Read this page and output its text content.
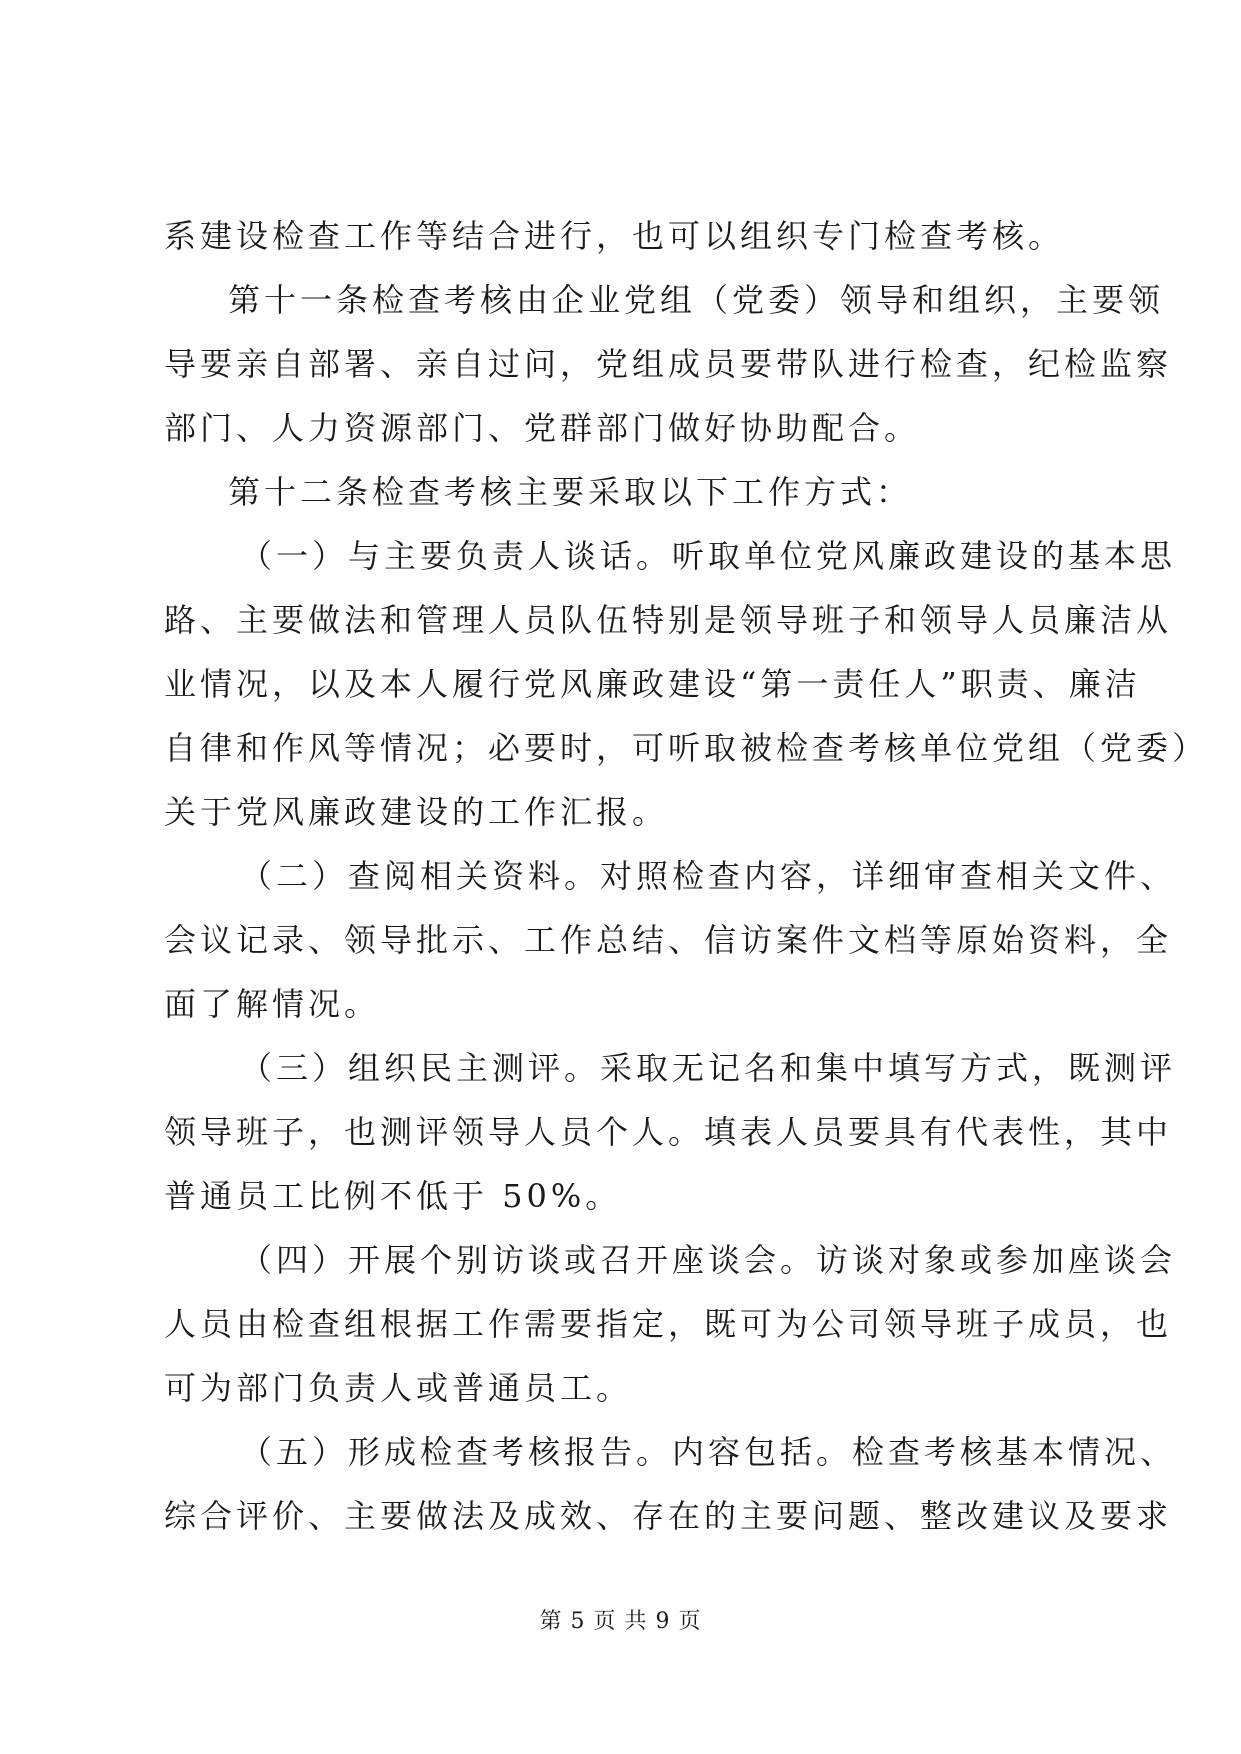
系建设检查工作等结合进行，也可以组织专门检查考核。
第十一条检查考核由企业党组（党委）领导和组织，主要领
导要亲自部署、亲自过问，党组成员要带队进行检查，纪检监察
部门、人力资源部门、党群部门做好协助配合。
第十二条检查考核主要采取以下工作方式：
（一）与主要负责人谈话。听取单位党风廉政建设的基本思
路、主要做法和管理人员队伍特别是领导班子和领导人员廉洁从
业情况，以及本人履行党风廉政建设“第一责任人”职责、廉洁
自律和作风等情况；必要时，可听取被检查考核单位党组（党委）
关于党风廉政建设的工作汇报。
（二）查阅相关资料。对照检查内容，详细审查相关文件、
会议记录、领导批示、工作总结、信访案件文档等原始资料，全
面了解情况。
（三）组织民主测评。采取无记名和集中填写方式，既测评
领导班子，也测评领导人员个人。填表人员要具有代表性，其中
普通员工比例不低于 50%。
（四）开展个别访谈或召开座谈会。访谈对象或参加座谈会
人员由检查组根据工作需要指定，既可为公司领导班子成员，也
可为部门负责人或普通员工。
（五）形成检查考核报告。内容包括。检查考核基本情况、
综合评价、主要做法及成效、存在的主要问题、整改建议及要求
第 5 页 共 9 页
